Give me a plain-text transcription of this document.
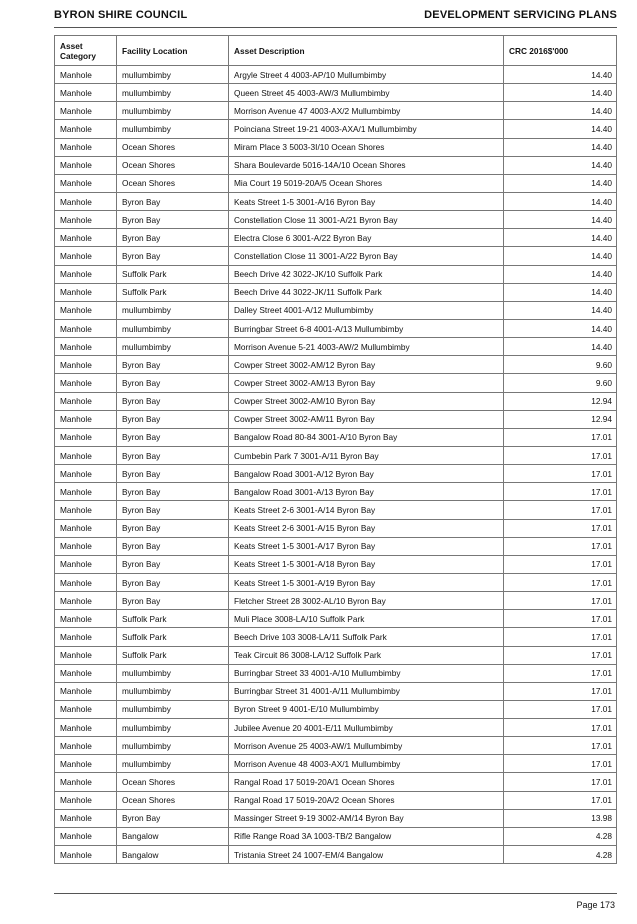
BYRON SHIRE COUNCIL	DEVELOPMENT SERVICING PLANS
Asset Category	Facility Location	Asset Description	CRC 2016$'000
Manhole	mullumbimby	Argyle Street 4 4003-AP/10 Mullumbimby	14.40
Manhole	mullumbimby	Queen Street 45 4003-AW/3 Mullumbimby	14.40
Manhole	mullumbimby	Morrison Avenue 47 4003-AX/2 Mullumbimby	14.40
Manhole	mullumbimby	Poinciana Street 19-21 4003-AXA/1 Mullumbimby	14.40
Manhole	Ocean Shores	Miram Place 3 5003-3I/10 Ocean Shores	14.40
Manhole	Ocean Shores	Shara Boulevarde 5016-14A/10 Ocean Shores	14.40
Manhole	Ocean Shores	Mia Court 19 5019-20A/5 Ocean Shores	14.40
Manhole	Byron Bay	Keats Street 1-5 3001-A/16 Byron Bay	14.40
Manhole	Byron Bay	Constellation Close 11 3001-A/21 Byron Bay	14.40
Manhole	Byron Bay	Electra Close 6 3001-A/22 Byron Bay	14.40
Manhole	Byron Bay	Constellation Close 11 3001-A/22 Byron Bay	14.40
Manhole	Suffolk Park	Beech Drive 42 3022-JK/10 Suffolk Park	14.40
Manhole	Suffolk Park	Beech Drive 44 3022-JK/11 Suffolk Park	14.40
Manhole	mullumbimby	Dalley Street 4001-A/12 Mullumbimby	14.40
Manhole	mullumbimby	Burringbar Street 6-8 4001-A/13 Mullumbimby	14.40
Manhole	mullumbimby	Morrison Avenue 5-21 4003-AW/2 Mullumbimby	14.40
Manhole	Byron Bay	Cowper Street 3002-AM/12 Byron Bay	9.60
Manhole	Byron Bay	Cowper Street 3002-AM/13 Byron Bay	9.60
Manhole	Byron Bay	Cowper Street 3002-AM/10 Byron Bay	12.94
Manhole	Byron Bay	Cowper Street 3002-AM/11 Byron Bay	12.94
Manhole	Byron Bay	Bangalow Road 80-84 3001-A/10 Byron Bay	17.01
Manhole	Byron Bay	Cumbebin Park 7 3001-A/11 Byron Bay	17.01
Manhole	Byron Bay	Bangalow Road 3001-A/12 Byron Bay	17.01
Manhole	Byron Bay	Bangalow Road 3001-A/13 Byron Bay	17.01
Manhole	Byron Bay	Keats Street 2-6 3001-A/14 Byron Bay	17.01
Manhole	Byron Bay	Keats Street 2-6 3001-A/15 Byron Bay	17.01
Manhole	Byron Bay	Keats Street 1-5 3001-A/17 Byron Bay	17.01
Manhole	Byron Bay	Keats Street 1-5 3001-A/18 Byron Bay	17.01
Manhole	Byron Bay	Keats Street 1-5 3001-A/19 Byron Bay	17.01
Manhole	Byron Bay	Fletcher Street 28 3002-AL/10 Byron Bay	17.01
Manhole	Suffolk Park	Muli Place 3008-LA/10 Suffolk Park	17.01
Manhole	Suffolk Park	Beech Drive 103 3008-LA/11 Suffolk Park	17.01
Manhole	Suffolk Park	Teak Circuit 86 3008-LA/12 Suffolk Park	17.01
Manhole	mullumbimby	Burringbar Street 33 4001-A/10 Mullumbimby	17.01
Manhole	mullumbimby	Burringbar Street 31 4001-A/11 Mullumbimby	17.01
Manhole	mullumbimby	Byron Street 9 4001-E/10 Mullumbimby	17.01
Manhole	mullumbimby	Jubilee Avenue 20 4001-E/11 Mullumbimby	17.01
Manhole	mullumbimby	Morrison Avenue 25 4003-AW/1 Mullumbimby	17.01
Manhole	mullumbimby	Morrison Avenue 48 4003-AX/1 Mullumbimby	17.01
Manhole	Ocean Shores	Rangal Road 17 5019-20A/1 Ocean Shores	17.01
Manhole	Ocean Shores	Rangal Road 17 5019-20A/2 Ocean Shores	17.01
Manhole	Byron Bay	Massinger Street 9-19 3002-AM/14 Byron Bay	13.98
Manhole	Bangalow	Rifle Range Road 3A 1003-TB/2 Bangalow	4.28
Manhole	Bangalow	Tristania Street 24 1007-EM/4 Bangalow	4.28
Page 173
